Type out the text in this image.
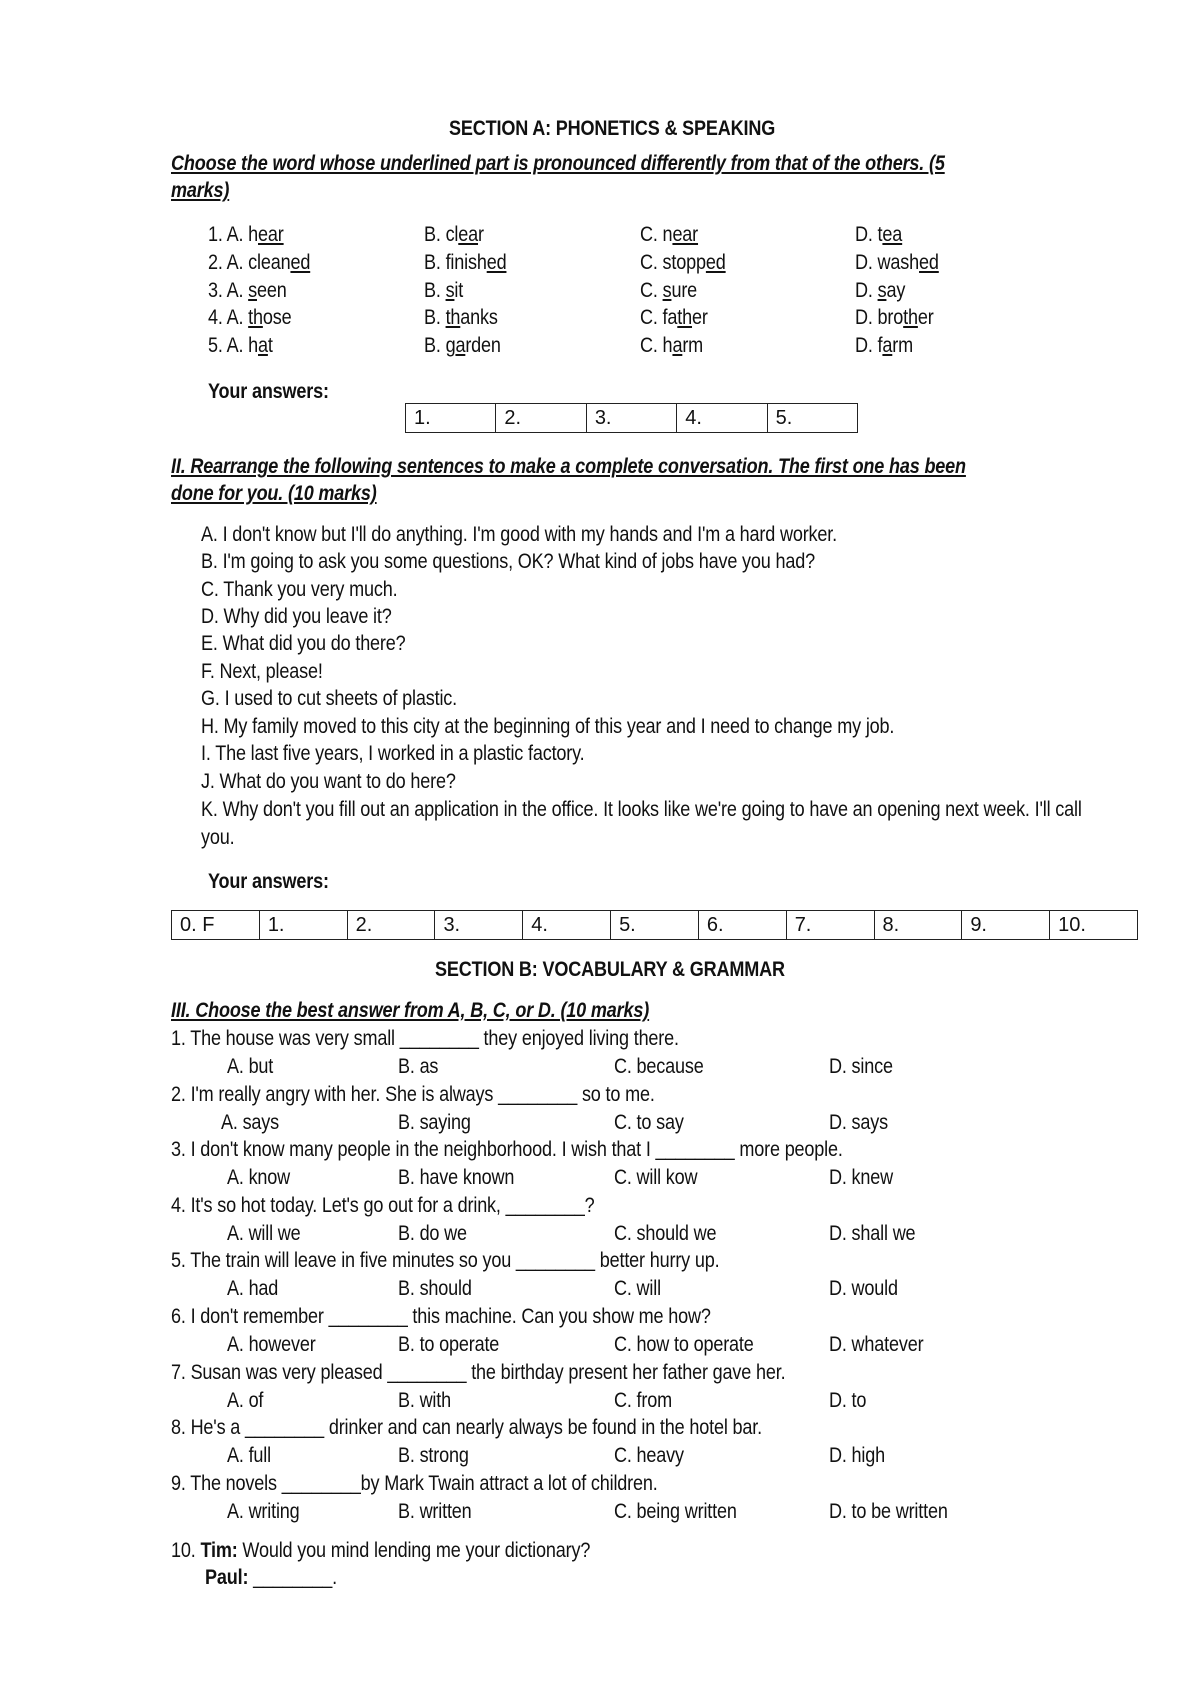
SECTION A: PHONETICS & SPEAKING
Choose the word whose underlined part is pronounced differently from that of the others. (5
marks)
1. A. hear	B. clear	C. near	D. tea
2. A. cleaned	B. finished	C. stopped	D. washed
3. A. seen	B. sit	C. sure	D. say
4. A. those	B. thanks	C. father	D. brother
5. A. hat	B. garden	C. harm	D. farm
Your answers:
1.	2.	3.	4.	5.
II. Rearrange the following sentences to make a complete conversation. The first one has been
done for you. (10 marks)
A. I don't know but I'll do anything. I'm good with my hands and I'm a hard worker.
B. I'm going to ask you some questions, OK? What kind of jobs have you had?
C. Thank you very much.
D. Why did you leave it?
E. What did you do there?
F. Next, please!
G. I used to cut sheets of plastic.
H. My family moved to this city at the beginning of this year and I need to change my job.
I. The last five years, I worked in a plastic factory.
J. What do you want to do here?
K. Why don't you fill out an application in the office. It looks like we're going to have an opening next week. I'll call
you.
Your answers:
0. F	1.	2.	3.	4.	5.	6.	7.	8.	9.	10.
SECTION B: VOCABULARY & GRAMMAR
III. Choose the best answer from A, B, C, or D. (10 marks)
1. The house was very small ________ they enjoyed living there.
A. but	B. as	C. because	D. since
2. I'm really angry with her. She is always ________ so to me.
A. says	B. saying	C. to say	D. says
3. I don't know many people in the neighborhood. I wish that I ________ more people.
A. know	B. have known	C. will kow	D. knew
4. It's so hot today. Let's go out for a drink, ________?
A. will we	B. do we	C. should we	D. shall we
5. The train will leave in five minutes so you ________ better hurry up.
A. had	B. should	C. will	D. would
6. I don't remember ________ this machine. Can you show me how?
A. however	B. to operate	C. how to operate	D. whatever
7. Susan was very pleased ________ the birthday present her father gave her.
A. of	B. with	C. from	D. to
8. He's a ________ drinker and can nearly always be found in the hotel bar.
A. full	B. strong	C. heavy	D. high
9. The novels ________by Mark Twain attract a lot of children.
A. writing	B. written	C. being written	D. to be written
10. Tim: Would you mind lending me your dictionary?
Paul: ________.
